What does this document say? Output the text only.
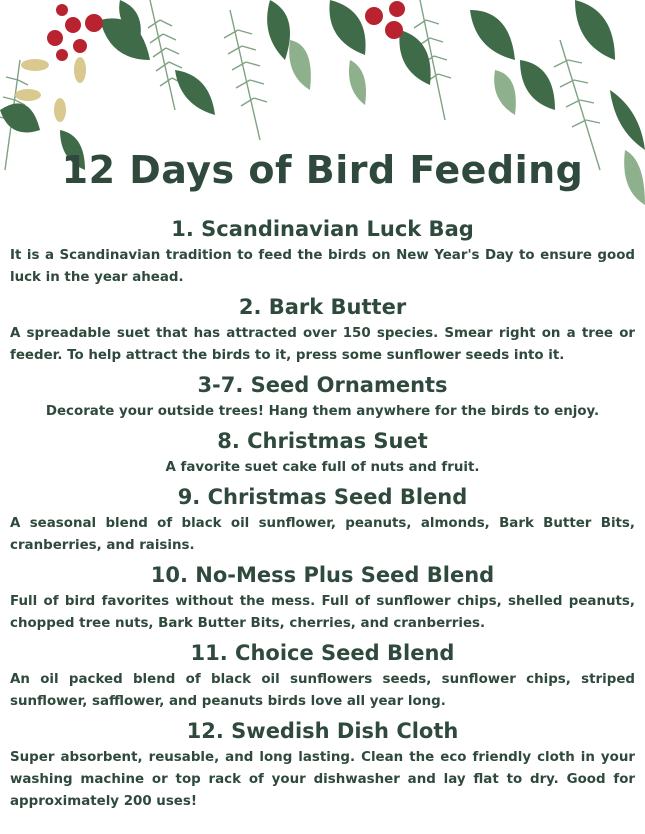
12 Days of Bird Feeding
1. Scandinavian Luck Bag

It is a Scandinavian tradition to feed the birds on New Year's Day to ensure good luck in the year ahead.

2. Bark Butter

A spreadable suet that has attracted over 150 species. Smear right on a tree or feeder. To help attract the birds to it, press some sunflower seeds into it.

3-7. Seed Ornaments

Decorate your outside trees! Hang them anywhere for the birds to enjoy.

8. Christmas Suet

A favorite suet cake full of nuts and fruit.

9. Christmas Seed Blend

A seasonal blend of black oil sunflower, peanuts, almonds, Bark Butter Bits, cranberries, and raisins.

10. No-Mess Plus Seed Blend

Full of bird favorites without the mess. Full of sunflower chips, shelled peanuts, chopped tree nuts, Bark Butter Bits, cherries, and cranberries.

11. Choice Seed Blend

An oil packed blend of black oil sunflowers seeds, sunflower chips, striped sunflower, safflower, and peanuts birds love all year long.

12. Swedish Dish Cloth

Super absorbent, reusable, and long lasting. Clean the eco friendly cloth in your washing machine or top rack of your dishwasher and lay flat to dry. Good for approximately 200 uses!
